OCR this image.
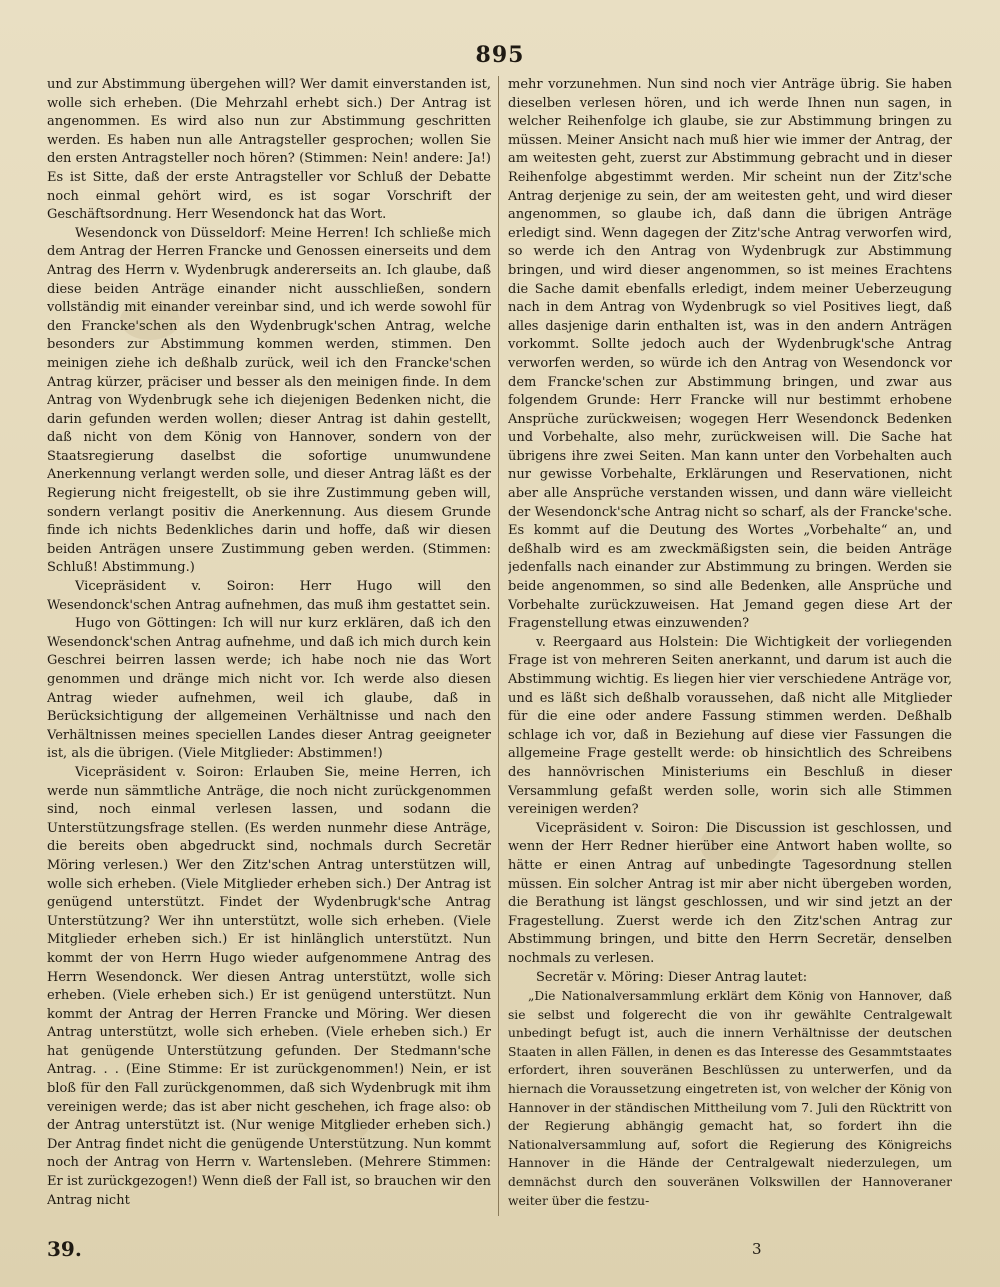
895

und zur Abstimmung übergehen will? Wer damit einverstanden ist, wolle sich erheben. (Die Mehrzahl erhebt sich.) Der Antrag ist angenommen. Es wird also nun zur Abstimmung geschritten werden. Es haben nun alle Antragsteller gesprochen; wollen Sie den ersten Antragsteller noch hören? (Stimmen: Nein! andere: Ja!) Es ist Sitte, daß der erste Antragsteller vor Schluß der Debatte noch einmal gehört wird, es ist sogar Vorschrift der Geschäftsordnung. Herr Wesendonck hat das Wort.

Wesendonck von Düsseldorf: Meine Herren! Ich schließe mich dem Antrag der Herren Francke und Genossen einerseits und dem Antrag des Herrn v. Wydenbrugk andererseits an. Ich glaube, daß diese beiden Anträge einander nicht ausschließen, sondern vollständig mit einander vereinbar sind, und ich werde sowohl für den Francke'schen als den Wydenbrugk'schen Antrag, welche besonders zur Abstimmung kommen werden, stimmen. Den meinigen ziehe ich deßhalb zurück, weil ich den Francke'schen Antrag kürzer, präciser und besser als den meinigen finde. In dem Antrag von Wydenbrugk sehe ich diejenigen Bedenken nicht, die darin gefunden werden wollen; dieser Antrag ist dahin gestellt, daß nicht von dem König von Hannover, sondern von der Staatsregierung daselbst die sofortige unumwundene Anerkennung verlangt werden solle, und dieser Antrag läßt es der Regierung nicht freigestellt, ob sie ihre Zustimmung geben will, sondern verlangt positiv die Anerkennung. Aus diesem Grunde finde ich nichts Bedenkliches darin und hoffe, daß wir diesen beiden Anträgen unsere Zustimmung geben werden. (Stimmen: Schluß! Abstimmung.)

Vicepräsident v. Soiron: Herr Hugo will den Wesendonck'schen Antrag aufnehmen, das muß ihm gestattet sein.

Hugo von Göttingen: Ich will nur kurz erklären, daß ich den Wesendonck'schen Antrag aufnehme, und daß ich mich durch kein Geschrei beirren lassen werde; ich habe noch nie das Wort genommen und dränge mich nicht vor. Ich werde also diesen Antrag wieder aufnehmen, weil ich glaube, daß in Berücksichtigung der allgemeinen Verhältnisse und nach den Verhältnissen meines speciellen Landes dieser Antrag geeigneter ist, als die übrigen. (Viele Mitglieder: Abstimmen!)

Vicepräsident v. Soiron: Erlauben Sie, meine Herren, ich werde nun sämmtliche Anträge, die noch nicht zurückgenommen sind, noch einmal verlesen lassen, und sodann die Unterstützungsfrage stellen. (Es werden nunmehr diese Anträge, die bereits oben abgedruckt sind, nochmals durch Secretär Möring verlesen.) Wer den Zitz'schen Antrag unterstützen will, wolle sich erheben. (Viele Mitglieder erheben sich.) Der Antrag ist genügend unterstützt. Findet der Wydenbrugk'sche Antrag Unterstützung? Wer ihn unterstützt, wolle sich erheben. (Viele Mitglieder erheben sich.) Er ist hinlänglich unterstützt. Nun kommt der von Herrn Hugo wieder aufgenommene Antrag des Herrn Wesendonck. Wer diesen Antrag unterstützt, wolle sich erheben. (Viele erheben sich.) Er ist genügend unterstützt. Nun kommt der Antrag der Herren Francke und Möring. Wer diesen Antrag unterstützt, wolle sich erheben. (Viele erheben sich.) Er hat genügende Unterstützung gefunden. Der Stedmann'sche Antrag. . . (Eine Stimme: Er ist zurückgenommen!) Nein, er ist bloß für den Fall zurückgenommen, daß sich Wydenbrugk mit ihm vereinigen werde; das ist aber nicht geschehen, ich frage also: ob der Antrag unterstützt ist. (Nur wenige Mitglieder erheben sich.) Der Antrag findet nicht die genügende Unterstützung. Nun kommt noch der Antrag von Herrn v. Wartensleben. (Mehrere Stimmen: Er ist zurückgezogen!) Wenn dieß der Fall ist, so brauchen wir den Antrag nicht

mehr vorzunehmen. Nun sind noch vier Anträge übrig. Sie haben dieselben verlesen hören, und ich werde Ihnen nun sagen, in welcher Reihenfolge ich glaube, sie zur Abstimmung bringen zu müssen. Meiner Ansicht nach muß hier wie immer der Antrag, der am weitesten geht, zuerst zur Abstimmung gebracht und in dieser Reihenfolge abgestimmt werden. Mir scheint nun der Zitz'sche Antrag derjenige zu sein, der am weitesten geht, und wird dieser angenommen, so glaube ich, daß dann die übrigen Anträge erledigt sind. Wenn dagegen der Zitz'sche Antrag verworfen wird, so werde ich den Antrag von Wydenbrugk zur Abstimmung bringen, und wird dieser angenommen, so ist meines Erachtens die Sache damit ebenfalls erledigt, indem meiner Ueberzeugung nach in dem Antrag von Wydenbrugk so viel Positives liegt, daß alles dasjenige darin enthalten ist, was in den andern Anträgen vorkommt. Sollte jedoch auch der Wydenbrugk'sche Antrag verworfen werden, so würde ich den Antrag von Wesendonck vor dem Francke'schen zur Abstimmung bringen, und zwar aus folgendem Grunde: Herr Francke will nur bestimmt erhobene Ansprüche zurückweisen; wogegen Herr Wesendonck Bedenken und Vorbehalte, also mehr, zurückweisen will. Die Sache hat übrigens ihre zwei Seiten. Man kann unter den Vorbehalten auch nur gewisse Vorbehalte, Erklärungen und Reservationen, nicht aber alle Ansprüche verstanden wissen, und dann wäre vielleicht der Wesendonck'sche Antrag nicht so scharf, als der Francke'sche. Es kommt auf die Deutung des Wortes „Vorbehalte“ an, und deßhalb wird es am zweckmäßigsten sein, die beiden Anträge jedenfalls nach einander zur Abstimmung zu bringen. Werden sie beide angenommen, so sind alle Bedenken, alle Ansprüche und Vorbehalte zurückzuweisen. Hat Jemand gegen diese Art der Fragenstellung etwas einzuwenden?

v. Reergaard aus Holstein: Die Wichtigkeit der vorliegenden Frage ist von mehreren Seiten anerkannt, und darum ist auch die Abstimmung wichtig. Es liegen hier vier verschiedene Anträge vor, und es läßt sich deßhalb voraussehen, daß nicht alle Mitglieder für die eine oder andere Fassung stimmen werden. Deßhalb schlage ich vor, daß in Beziehung auf diese vier Fassungen die allgemeine Frage gestellt werde: ob hinsichtlich des Schreibens des hannövrischen Ministeriums ein Beschluß in dieser Versammlung gefaßt werden solle, worin sich alle Stimmen vereinigen werden?

Vicepräsident v. Soiron: Die Discussion ist geschlossen, und wenn der Herr Redner hierüber eine Antwort haben wollte, so hätte er einen Antrag auf unbedingte Tagesordnung stellen müssen. Ein solcher Antrag ist mir aber nicht übergeben worden, die Berathung ist längst geschlossen, und wir sind jetzt an der Fragestellung. Zuerst werde ich den Zitz'schen Antrag zur Abstimmung bringen, und bitte den Herrn Secretär, denselben nochmals zu verlesen.

Secretär v. Möring: Dieser Antrag lautet:

„Die Nationalversammlung erklärt dem König von Hannover, daß sie selbst und folgerecht die von ihr gewählte Centralgewalt unbedingt befugt ist, auch die innern Verhältnisse der deutschen Staaten in allen Fällen, in denen es das Interesse des Gesammtstaates erfordert, ihren souveränen Beschlüssen zu unterwerfen, und da hiernach die Voraussetzung eingetreten ist, von welcher der König von Hannover in der ständischen Mittheilung vom 7. Juli den Rücktritt von der Regierung abhängig gemacht hat, so fordert ihn die Nationalversammlung auf, sofort die Regierung des Königreichs Hannover in die Hände der Centralgewalt niederzulegen, um demnächst durch den souveränen Volkswillen der Hannoveraner weiter über die festzu-

39.	3
